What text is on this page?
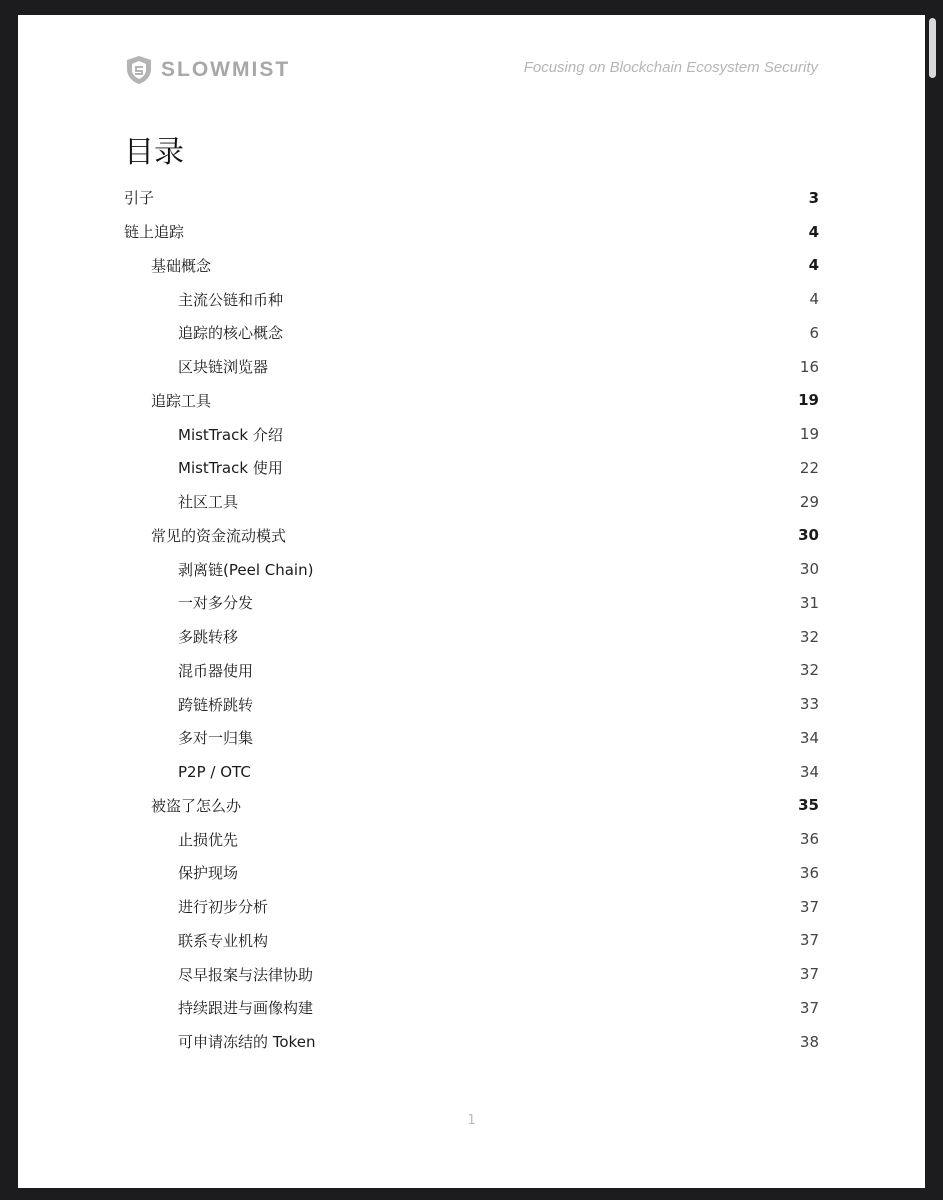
SLOWMIST	Focusing on Blockchain Ecosystem Security
目录
引子	3
链上追踪	4
基础概念	4
主流公链和币种	4
追踪的核心概念	6
区块链浏览器	16
追踪工具	19
MistTrack 介绍	19
MistTrack 使用	22
社区工具	29
常见的资金流动模式	30
剥离链(Peel Chain)	30
一对多分发	31
多跳转移	32
混币器使用	32
跨链桥跳转	33
多对一归集	34
P2P / OTC	34
被盗了怎么办	35
止损优先	36
保护现场	36
进行初步分析	37
联系专业机构	37
尽早报案与法律协助	37
持续跟进与画像构建	37
可申请冻结的 Token	38
1
